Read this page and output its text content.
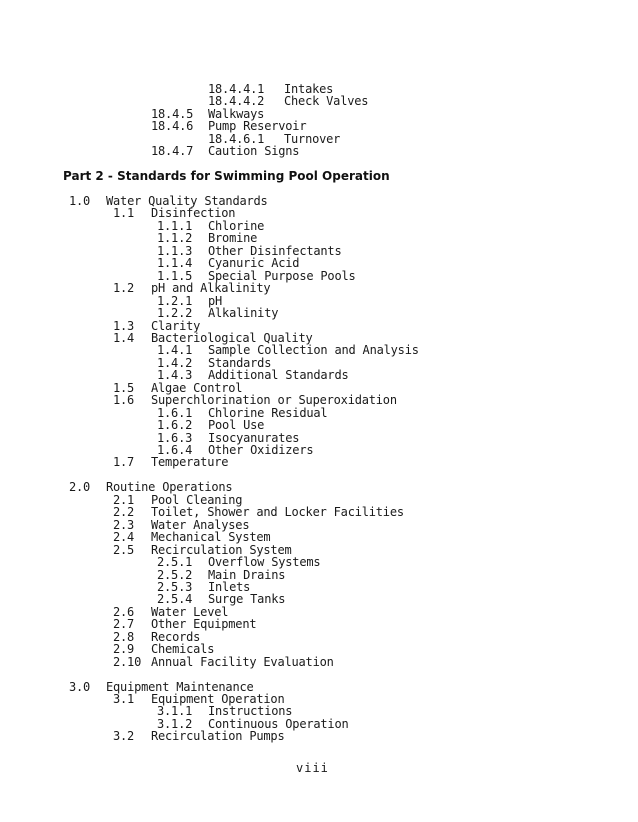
18.4.4.1 Intakes
18.4.4.2 Check Valves
18.4.5 Walkways
18.4.6 Pump Reservoir
18.4.6.1 Turnover
18.4.7 Caution Signs
Part 2 - Standards for Swimming Pool Operation
1.0 Water Quality Standards
1.1 Disinfection
1.1.1 Chlorine
1.1.2 Bromine
1.1.3 Other Disinfectants
1.1.4 Cyanuric Acid
1.1.5 Special Purpose Pools
1.2 pH and Alkalinity
1.2.1 pH
1.2.2 Alkalinity
1.3 Clarity
1.4 Bacteriological Quality
1.4.1 Sample Collection and Analysis
1.4.2 Standards
1.4.3 Additional Standards
1.5 Algae Control
1.6 Superchlorination or Superoxidation
1.6.1 Chlorine Residual
1.6.2 Pool Use
1.6.3 Isocyanurates
1.6.4 Other Oxidizers
1.7 Temperature
2.0 Routine Operations
2.1 Pool Cleaning
2.2 Toilet, Shower and Locker Facilities
2.3 Water Analyses
2.4 Mechanical System
2.5 Recirculation System
2.5.1 Overflow Systems
2.5.2 Main Drains
2.5.3 Inlets
2.5.4 Surge Tanks
2.6 Water Level
2.7 Other Equipment
2.8 Records
2.9 Chemicals
2.10 Annual Facility Evaluation
3.0 Equipment Maintenance
3.1 Equipment Operation
3.1.1 Instructions
3.1.2 Continuous Operation
3.2 Recirculation Pumps
viii
